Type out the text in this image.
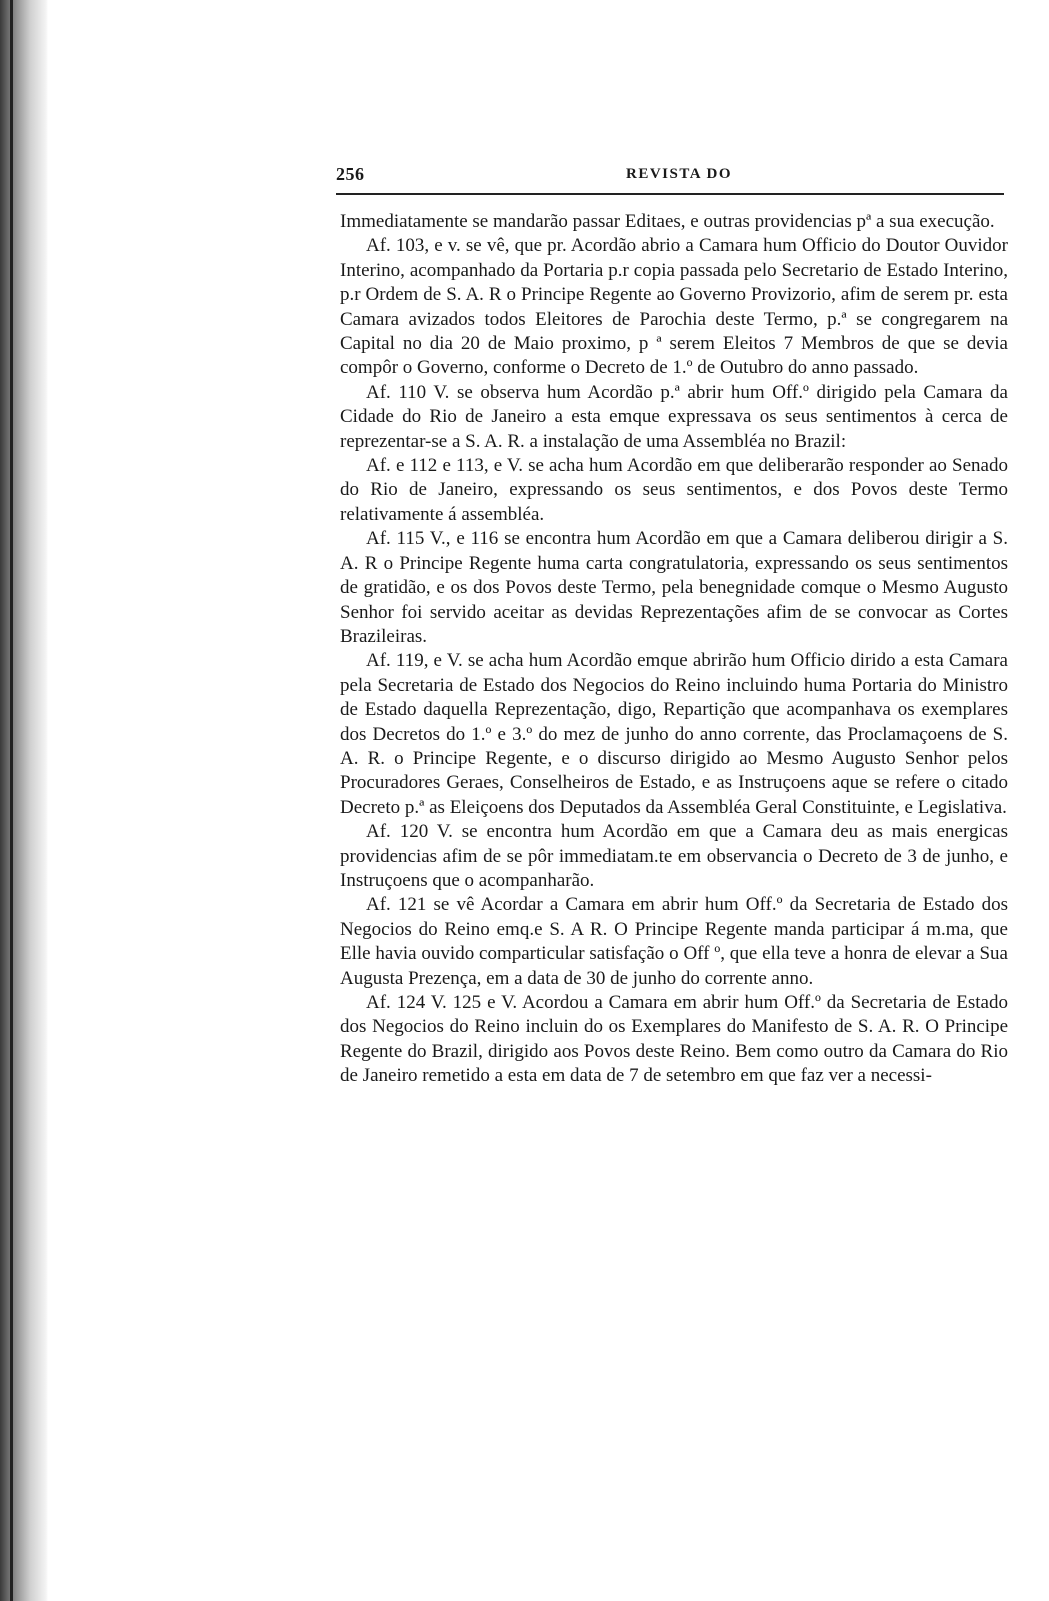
256	REVISTA DO

Immediatamente se mandarão passar Editaes, e outras providencias pª a sua execução.

Af. 103, e v. se vê, que pr. Acordão abrio a Camara hum Officio do Doutor Ouvidor Interino, acompanhado da Portaria p.r copia passada pelo Secretario de Estado Interino, p.r Ordem de S. A. R o Principe Regente ao Governo Provizorio, afim de serem pr. esta Camara avizados todos Eleitores de Parochia deste Termo, p.ª se congregarem na Capital no dia 20 de Maio proximo, p ª serem Eleitos 7 Membros de que se devia compôr o Governo, conforme o Decreto de 1.º de Outubro do anno passado.

Af. 110 V. se observa hum Acordão p.ª abrir hum Off.º dirigido pela Camara da Cidade do Rio de Janeiro a esta emque expressava os seus sentimentos à cerca de reprezentar-se a S. A. R. a instalação de uma Assembléa no Brazil:

Af. e 112 e 113, e V. se acha hum Acordão em que deliberarão responder ao Senado do Rio de Janeiro, expressando os seus sentimentos, e dos Povos deste Termo relativamente á assembléa.

Af. 115 V., e 116 se encontra hum Acordão em que a Camara deliberou dirigir a S. A. R o Principe Regente huma carta congratulatoria, expressando os seus sentimentos de gratidão, e os dos Povos deste Termo, pela benegnidade comque o Mesmo Augusto Senhor foi servido aceitar as devidas Reprezentações afim de se convocar as Cortes Brazileiras.

Af. 119, e V. se acha hum Acordão emque abrirão hum Officio dirido a esta Camara pela Secretaria de Estado dos Negocios do Reino incluindo huma Portaria do Ministro de Estado daquella Reprezentação, digo, Repartição que acompanhava os exemplares dos Decretos do 1.º e 3.º do mez de junho do anno corrente, das Proclamaçoens de S. A. R. o Principe Regente, e o discurso dirigido ao Mesmo Augusto Senhor pelos Procuradores Geraes, Conselheiros de Estado, e as Instruçoens aque se refere o citado Decreto p.ª as Eleiçoens dos Deputados da Assembléa Geral Constituinte, e Legislativa.

Af. 120 V. se encontra hum Acordão em que a Camara deu as mais energicas providencias afim de se pôr immediatam.te em observancia o Decreto de 3 de junho, e Instruçoens que o acompanharão.

Af. 121 se vê Acordar a Camara em abrir hum Off.º da Secretaria de Estado dos Negocios do Reino emq.e S. A R. O Principe Regente manda participar á m.ma, que Elle havia ouvido comparticular satisfação o Off º, que ella teve a honra de elevar a Sua Augusta Prezença, em a data de 30 de junho do corrente anno.

Af. 124 V. 125 e V. Acordou a Camara em abrir hum Off.º da Secretaria de Estado dos Negocios do Reino incluin do os Exemplares do Manifesto de S. A. R. O Principe Regente do Brazil, dirigido aos Povos deste Reino. Bem como outro da Camara do Rio de Janeiro remetido a esta em data de 7 de setembro em que faz ver a necessi-
